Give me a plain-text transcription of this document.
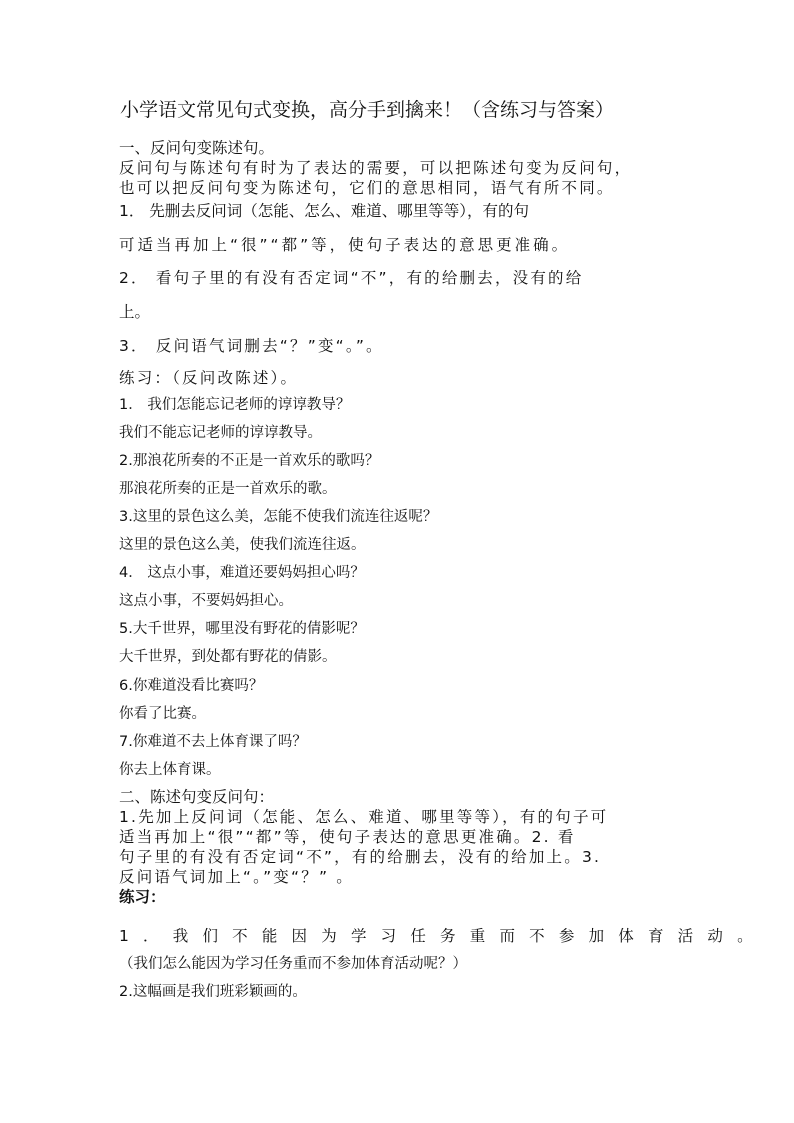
小学语文常见句式变换，高分手到擒来！（含练习与答案）
一、反问句变陈述句。
反问句与陈述句有时为了表达的需要，可以把陈述句变为反问句，
也可以把反问句变为陈述句，它们的意思相同，语气有所不同。
1． 先删去反问词（怎能、怎么、难道、哪里等等），有的句
可适当再加上“很”“都”等，使句子表达的意思更准确。
2． 看句子里的有没有否定词“不”，有的给删去，没有的给
上。
3． 反问语气词删去“？”变“。”。
练习：（反问改陈述）。
1． 我们怎能忘记老师的谆谆教导？
我们不能忘记老师的谆谆教导。
2.那浪花所奏的不正是一首欢乐的歌吗？
那浪花所奏的正是一首欢乐的歌。
3.这里的景色这么美，怎能不使我们流连往返呢？
这里的景色这么美，使我们流连往返。
4． 这点小事，难道还要妈妈担心吗？
这点小事，不要妈妈担心。
5.大千世界，哪里没有野花的倩影呢？
大千世界，到处都有野花的倩影。
6.你难道没看比赛吗？
你看了比赛。
7.你难道不去上体育课了吗？
你去上体育课。
二、陈述句变反问句：
1.先加上反问词（怎能、怎么、难道、哪里等等），有的句子可
适当再加上“很”“都”等，使句子表达的意思更准确。2. 看
句子里的有没有否定词“不”，有的给删去，没有的给加上。3.
反问语气词加上“。”变“？” 。
练习：
1．我们不能因为学习任务重而不参加体育活动。
（我们怎么能因为学习任务重而不参加体育活动呢？）
2.这幅画是我们班彩颖画的。
